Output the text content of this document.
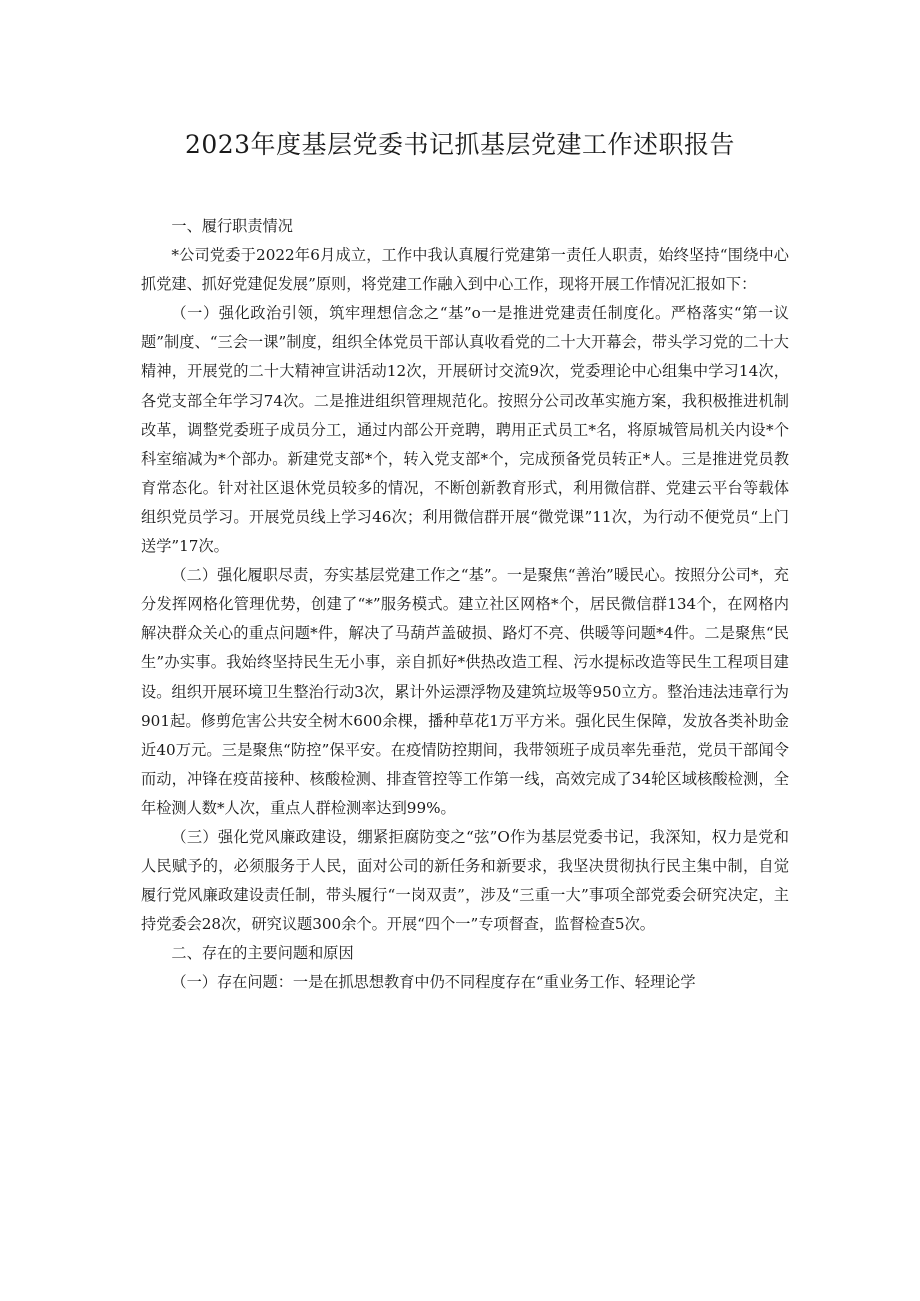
2023年度基层党委书记抓基层党建工作述职报告

一、履行职责情况

*公司党委于2022年6月成立，工作中我认真履行党建第一责任人职责，始终坚持“围绕中心抓党建、抓好党建促发展”原则，将党建工作融入到中心工作，现将开展工作情况汇报如下：

（一）强化政治引领，筑牢理想信念之“基”o一是推进党建责任制度化。严格落实“第一议题”制度、“三会一课”制度，组织全体党员干部认真收看党的二十大开幕会，带头学习党的二十大精神，开展党的二十大精神宣讲活动12次，开展研讨交流9次，党委理论中心组集中学习14次，各党支部全年学习74次。二是推进组织管理规范化。按照分公司改革实施方案，我积极推进机制改革，调整党委班子成员分工，通过内部公开竞聘，聘用正式员工*名，将原城管局机关内设*个科室缩减为*个部办。新建党支部*个，转入党支部*个，完成预备党员转正*人。三是推进党员教育常态化。针对社区退休党员较多的情况，不断创新教育形式，利用微信群、党建云平台等载体组织党员学习。开展党员线上学习46次；利用微信群开展“微党课”11次，为行动不便党员“上门送学”17次。

（二）强化履职尽责，夯实基层党建工作之“基”。一是聚焦“善治”暖民心。按照分公司*，充分发挥网格化管理优势，创建了“*”服务模式。建立社区网格*个，居民微信群134个，在网格内解决群众关心的重点问题*件，解决了马葫芦盖破损、路灯不亮、供暖等问题*4件。二是聚焦“民生”办实事。我始终坚持民生无小事，亲自抓好*供热改造工程、污水提标改造等民生工程项目建设。组织开展环境卫生整治行动3次，累计外运漂浮物及建筑垃圾等950立方。整治违法违章行为901起。修剪危害公共安全树木600余棵，播种草花1万平方米。强化民生保障，发放各类补助金近40万元。三是聚焦“防控”保平安。在疫情防控期间，我带领班子成员率先垂范，党员干部闻令而动，冲锋在疫苗接种、核酸检测、排查管控等工作第一线，高效完成了34轮区域核酸检测，全年检测人数*人次，重点人群检测率达到99%。

（三）强化党风廉政建设，绷紧拒腐防变之“弦”O作为基层党委书记，我深知，权力是党和人民赋予的，必须服务于人民，面对公司的新任务和新要求，我坚决贯彻执行民主集中制，自觉履行党风廉政建设责任制，带头履行“一岗双责”，涉及“三重一大”事项全部党委会研究决定，主持党委会28次，研究议题300余个。开展“四个一”专项督查，监督检查5次。

二、存在的主要问题和原因

（一）存在问题：一是在抓思想教育中仍不同程度存在“重业务工作、轻理论学
